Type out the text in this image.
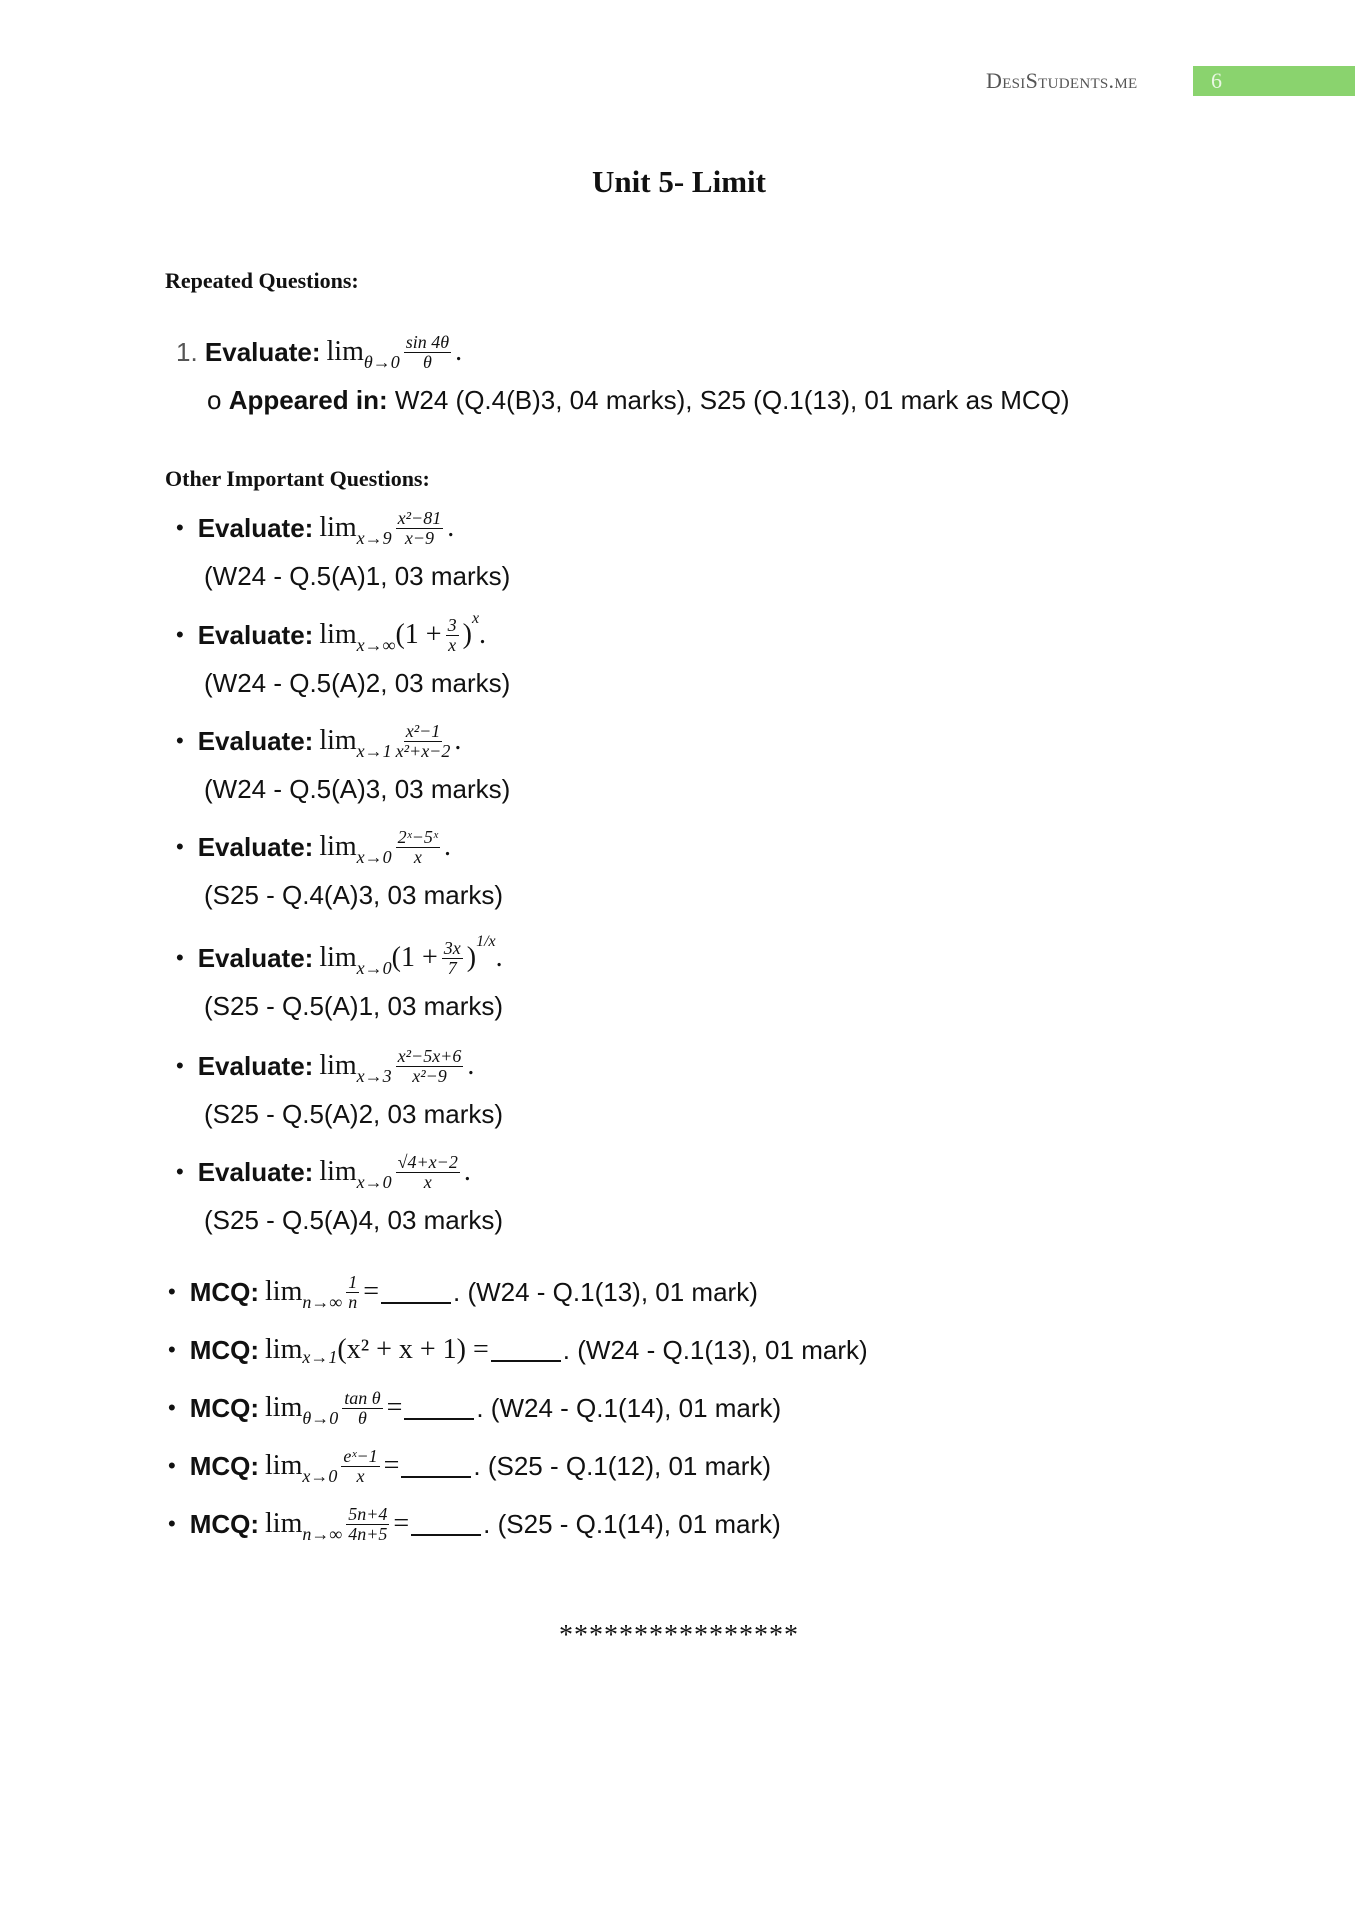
DesiStudents.me	6
Unit 5- Limit
Repeated Questions:
1.
Evaluate: $\lim \theta\to 0 \frac{\sin 4\theta}{\theta}$ .
o
Appeared in:
W24 (Q.4(B)3, 04 marks), S25 (Q.1(13), 01 mark as MCQ)
Other Important Questions:
• Evaluate: $\lim x\to 9 \frac{\text{x²−81}}{x-9}$ .
(W24 - Q.5(A)1, 03 marks)
• Evaluate: lim x→∞ ($1 + \frac{3}{x}$ )
x
.
(W24 - Q.5(A)2, 03 marks)
• Evaluate: $\lim x\to 1 \frac{\text{x²−1}}{\text{x²+x−2}}$ .
(W24 - Q.5(A)3, 03 marks)
• Evaluate: $\lim x\to 0 \frac{\text{2ˣ−5ˣ}}{x}$ .
(S25 - Q.4(A)3, 03 marks)
• Evaluate: lim x→0 ($1 + \frac{3x}{7}$ )
1/x
.
(S25 - Q.5(A)1, 03 marks)
• Evaluate: $\lim x\to 3 \frac{\text{x²−5x+6}}{\text{x²−9}}$ .
(S25 - Q.5(A)2, 03 marks)
• Evaluate: $\lim x\to 0 \frac{√4+x-2}{x}$ .
(S25 - Q.5(A)4, 03 marks)
• MCQ: $\lim n\to\infty \frac{1}{n}$ =	. (W24 - Q.1(13), 01 mark)
• MCQ: lim x→1 (x² + x + 1) =	. (W24 - Q.1(13), 01 mark)
• MCQ: $\lim \theta\to 0 \frac{\text{tan θ}}{\theta}$ =	. (W24 - Q.1(14), 01 mark)
• MCQ: $\lim x\to 0 \frac{\text{eˣ−1}}{x}$ =	. (S25 - Q.1(12), 01 mark)
• MCQ: $\lim n\to\infty \frac{5n+4}{4n+5}$ =	. (S25 - Q.1(14), 01 mark)
****************
